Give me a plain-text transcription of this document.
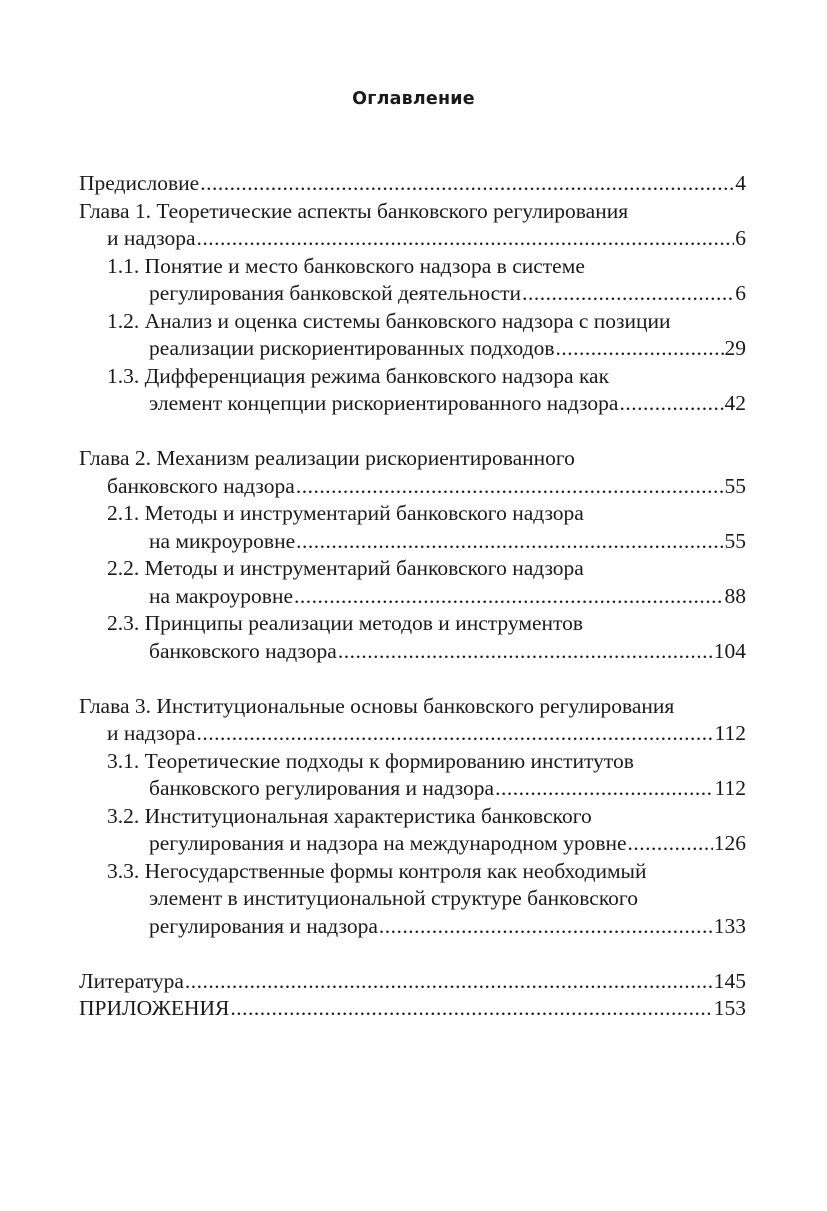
Оглавление
Предисловие .....	4
Глава 1. Теоретические аспекты банковского регулирования
и надзора .....	6
1.1. Понятие и место банковского надзора в системе
регулирования банковской деятельности .....	6
1.2. Анализ и оценка системы банковского надзора с позиции
реализации рискориентированных подходов .....	29
1.3. Дифференциация режима банковского надзора как
элемент концепции рискориентированного надзора .....	42
Глава 2. Механизм реализации рискориентированного
банковского надзора .....	55
2.1. Методы и инструментарий банковского надзора
на микроуровне .....	55
2.2. Методы и инструментарий банковского надзора
на макроуровне .....	88
2.3. Принципы реализации методов и инструментов
банковского надзора .....	104
Глава 3. Институциональные основы банковского регулирования
и надзора .....	112
3.1. Теоретические подходы к формированию институтов
банковского регулирования и надзора .....	112
3.2. Институциональная характеристика банковского
регулирования и надзора на международном уровне .....	126
3.3. Негосударственные формы контроля как необходимый
элемент в институциональной структуре банковского
регулирования и надзора .....	133
Литература .....	145
ПРИЛОЖЕНИЯ .....	153
